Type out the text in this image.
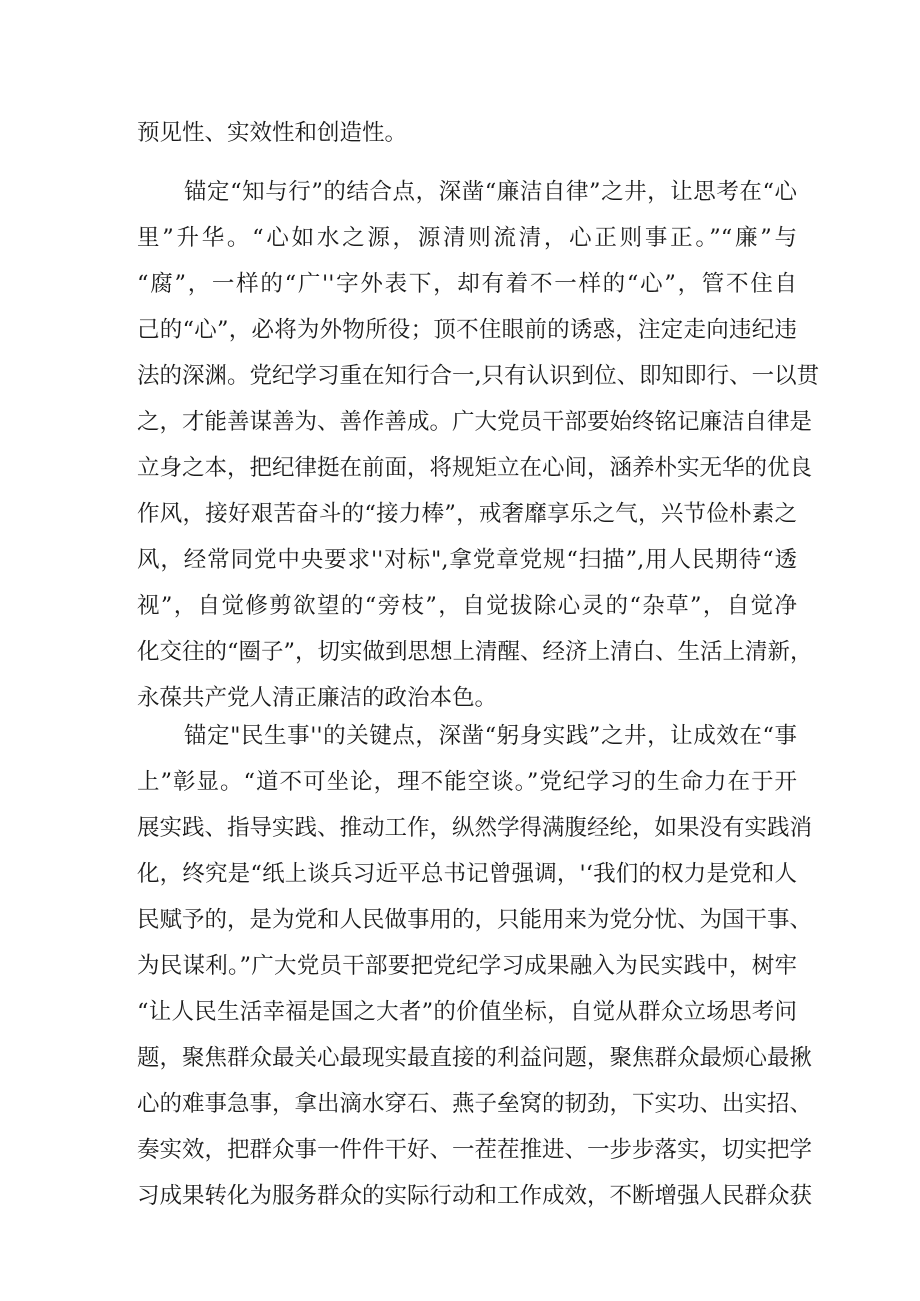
预见性、实效性和创造性。
锚定“知与行”的结合点，深凿“廉洁自律”之井，让思考在“心
里”升华。“心如水之源，源清则流清，心正则事正。”“廉”与
“腐”，一样的“广''字外表下，却有着不一样的“心”，管不住自
己的“心”，必将为外物所役；顶不住眼前的诱惑，注定走向违纪违
法的深渊。党纪学习重在知行合一,只有认识到位、即知即行、一以贯
之，才能善谋善为、善作善成。广大党员干部要始终铭记廉洁自律是
立身之本，把纪律挺在前面，将规矩立在心间，涵养朴实无华的优良
作风，接好艰苦奋斗的“接力棒”，戒奢靡享乐之气，兴节俭朴素之
风，经常同党中央要求''对标",拿党章党规“扫描”,用人民期待“透
视”，自觉修剪欲望的“旁枝”，自觉拔除心灵的“杂草”，自觉净
化交往的“圈子”，切实做到思想上清醒、经济上清白、生活上清新，
永葆共产党人清正廉洁的政治本色。
锚定"民生事''的关键点，深凿“躬身实践”之井，让成效在“事
上”彰显。“道不可坐论，理不能空谈。”党纪学习的生命力在于开
展实践、指导实践、推动工作，纵然学得满腹经纶，如果没有实践消
化，终究是“纸上谈兵习近平总书记曾强调，'‘我们的权力是党和人
民赋予的，是为党和人民做事用的，只能用来为党分忧、为国干事、
为民谋利。”广大党员干部要把党纪学习成果融入为民实践中，树牢
“让人民生活幸福是国之大者”的价值坐标，自觉从群众立场思考问
题，聚焦群众最关心最现实最直接的利益问题，聚焦群众最烦心最揪
心的难事急事，拿出滴水穿石、燕子垒窝的韧劲，下实功、出实招、
奏实效，把群众事一件件干好、一茬茬推进、一步步落实，切实把学
习成果转化为服务群众的实际行动和工作成效，不断增强人民群众获
